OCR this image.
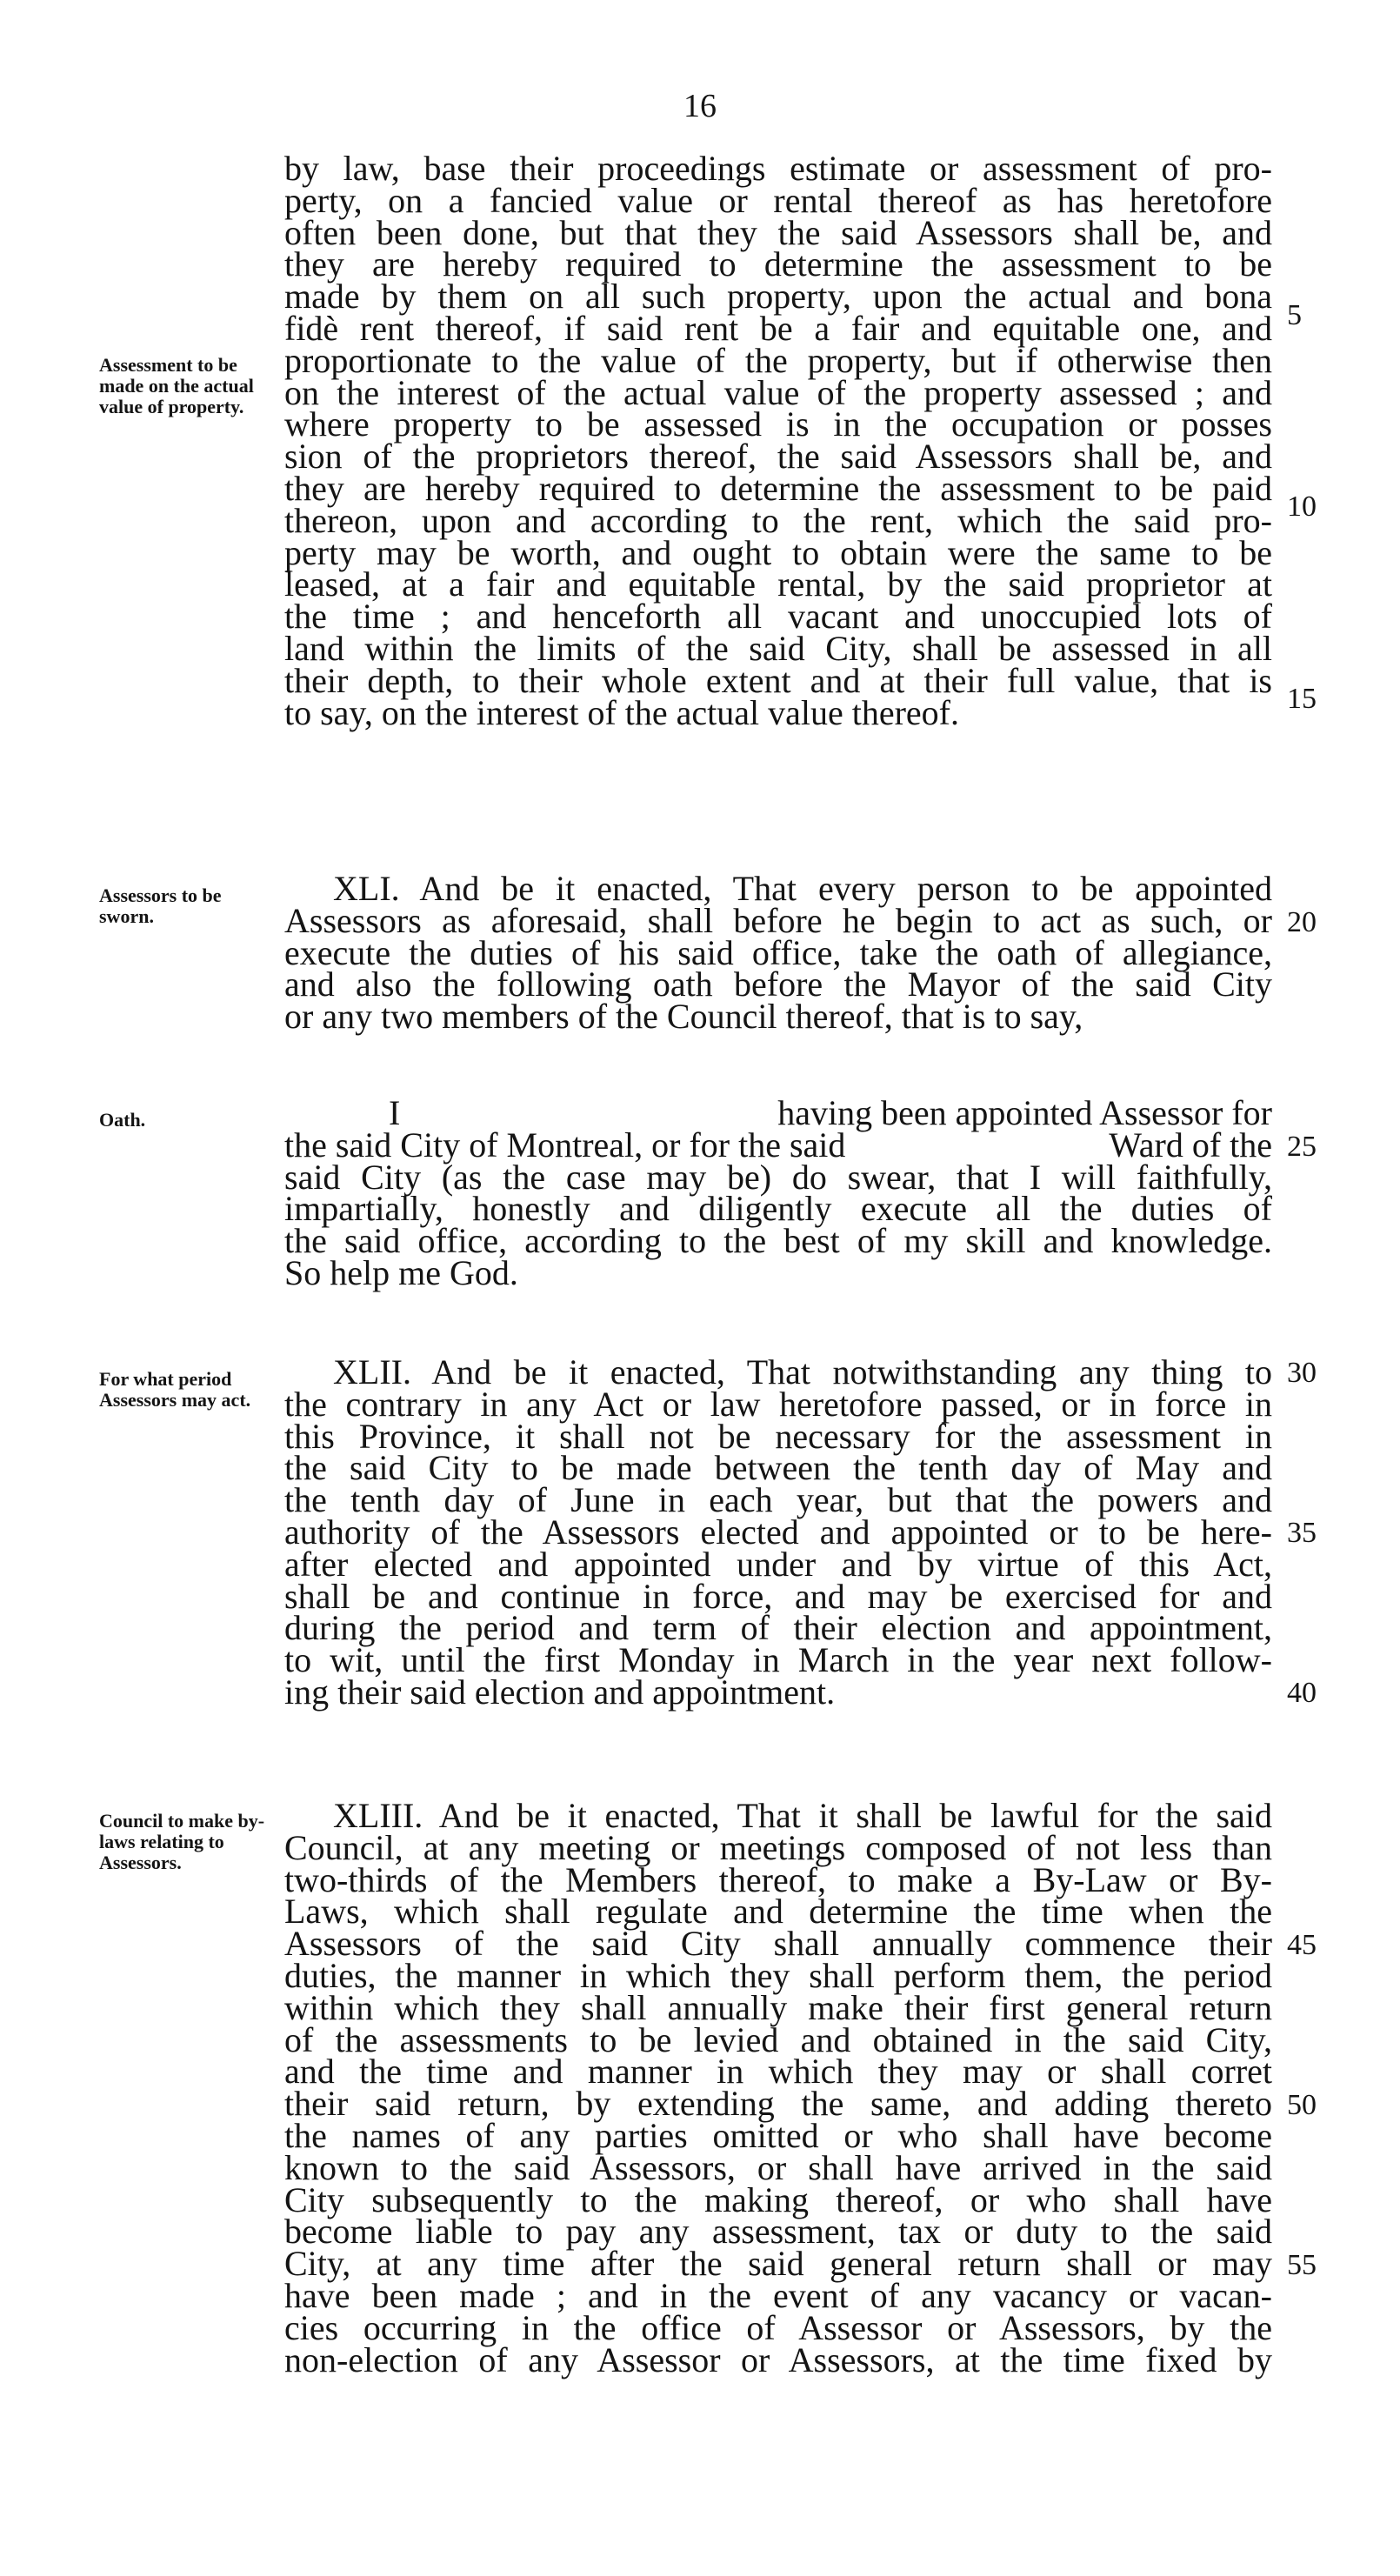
16
Assessment to be made on the actual value of property.
by law, base their proceedings estimate or assessment of pro-
perty, on a fancied value or rental thereof as has heretofore
often been done, but that they the said Assessors shall be, and
they are hereby required to determine the assessment to be
made by them on all such property, upon the actual and bona
fidè rent thereof, if said rent be a fair and equitable one, and
proportionate to the value of the property, but if otherwise then
on the interest of the actual value of the property assessed ; and
where property to be assessed is in the occupation or posses
sion of the proprietors thereof, the said Assessors shall be, and
they are hereby required to determine the assessment to be paid
thereon, upon and according to the rent, which the said pro-
perty may be worth, and ought to obtain were the same to be
leased, at a fair and equitable rental, by the said proprietor at
the time ; and henceforth all vacant and unoccupied lots of
land within the limits of the said City, shall be assessed in all
their depth, to their whole extent and at their full value, that is
to say, on the interest of the actual value thereof.
5
10
15
Assessors to be sworn.
XLI. And be it enacted, That every person to be appointed
Assessors as aforesaid, shall before he begin to act as such, or
execute the duties of his said office, take the oath of allegiance,
and also the following oath before the Mayor of the said City
or any two members of the Council thereof, that is to say,
20
Oath.	I	having been appointed Assessor for
the said City of Montreal, or for the said	Ward of the
said City (as the case may be) do swear, that I will faithfully,
impartially, honestly and diligently execute all the duties of
the said office, according to the best of my skill and knowledge.
So help me God.
25
For what period Assessors may act.
XLII. And be it enacted, That notwithstanding any thing to
the contrary in any Act or law heretofore passed, or in force in
this Province, it shall not be necessary for the assessment in
the said City to be made between the tenth day of May and
the tenth day of June in each year, but that the powers and
authority of the Assessors elected and appointed or to be here-
after elected and appointed under and by virtue of this Act,
shall be and continue in force, and may be exercised for and
during the period and term of their election and appointment,
to wit, until the first Monday in March in the year next follow-
ing their said election and appointment.
30
35
40
Council to make by-laws relating to Assessors.
XLIII. And be it enacted, That it shall be lawful for the said
Council, at any meeting or meetings composed of not less than
two-thirds of the Members thereof, to make a By-Law or By-
Laws, which shall regulate and determine the time when the
Assessors of the said City shall annually commence their
duties, the manner in which they shall perform them, the period
within which they shall annually make their first general return
of the assessments to be levied and obtained in the said City,
and the time and manner in which they may or shall corret
their said return, by extending the same, and adding thereto
the names of any parties omitted or who shall have become
known to the said Assessors, or shall have arrived in the said
City subsequently to the making thereof, or who shall have
become liable to pay any assessment, tax or duty to the said
City, at any time after the said general return shall or may
have been made ; and in the event of any vacancy or vacan-
cies occurring in the office of Assessor or Assessors, by the
non-election of any Assessor or Assessors, at the time fixed by
45
50
55
